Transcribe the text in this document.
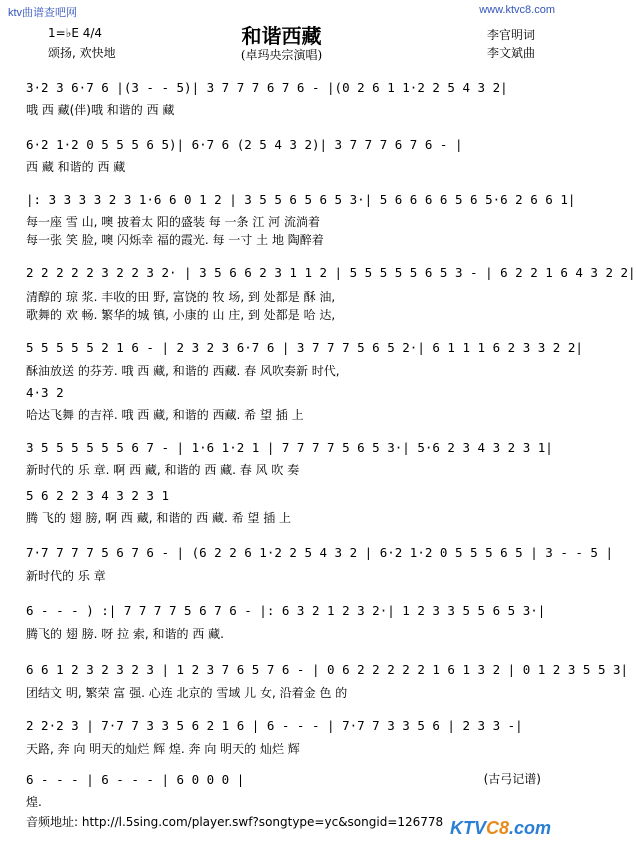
ktv曲谱查吧网	www.ktvc8.com
和谐西藏
(卓玛央宗演唱)
1=♭E 4/4
颂扬, 欢快地
李官明词
李文斌曲
3·2 3 6·7 6 |(3 - - 5)| 3 7 7 7 6 7 6 - |(0 2 6 1 1·2 2 5 4 3 2|
哦 西 藏(伴)哦 和谐的 西 藏
6·2 1·2 0 5 5 5 6 5)| 6·7 6 (2 5 4 3 2)| 3 7 7 7 6 7 6 - |
西 藏 和谐的 西 藏
|: 3 3 3 3 2 3 1·6 6 0 1 2 | 3 5 5 6 5 6 5 3·| 5 6 6 6 6 5 6 5·6 2 6 6 1|
每一座 雪 山, 噢 披着太 阳的盛装 每 一条 江 河 流淌着
每一张 笑 脸, 噢 闪烁幸 福的霞光. 每 一寸 土 地 陶醉着
2 2 2 2 2 3 2 2 3 2· | 3 5 6 6 2 3 1 1 2 | 5 5 5 5 5 6 5 3 - | 6 2 2 1 6 4 3 2 2|
清醇的 琼 浆. 丰收的田 野, 富饶的 牧 场, 到 处都是 酥 油,
歌舞的 欢 畅. 繁华的城 镇, 小康的 山 庄, 到 处都是 哈 达,
5 5 5 5 5 2 1 6 - | 2 3 2 3 6·7 6 | 3 7 7 7 5 6 5 2·| 6 1 1 1 6 2 3 3 2 2|
酥油放送 的芬芳. 哦 西 藏, 和谐的 西藏. 春 风吹奏新 时代,
4·3 2
哈达飞舞 的吉祥. 哦 西 藏, 和谐的 西藏. 希 望 插 上
3 5 5 5 5 5 5 6 7 - | 1·6 1·2 1 | 7 7 7 7 5 6 5 3·| 5·6 2 3 4 3 2 3 1|
新时代的 乐 章. 啊 西 藏, 和谐的 西 藏. 春 风 吹 奏
5 6 2 2 3 4 3 2 3 1
腾 飞的 翅 膀, 啊 西 藏, 和谐的 西 藏. 希 望 插 上
7·7 7 7 7 5 6 7 6 - | (6 2 2 6 1·2 2 5 4 3 2 | 6·2 1·2 0 5 5 5 6 5 | 3 - - 5 |
新时代的 乐 章
6 - - - ) :| 7 7 7 7 5 6 7 6 - |: 6 3 2 1 2 3 2·| 1 2 3 3 5 5 6 5 3·|
腾飞的 翅 膀. 呀 拉 索, 和谐的 西 藏.
6 6 1 2 3 2 3 2 3 | 1 2 3 7 6 5 7 6 - | 0 6 2 2 2 2 2 1 6 1 3 2 | 0 1 2 3 5 5 3|
团结文 明, 繁荣 富 强. 心连 北京的 雪域 儿 女, 沿着金 色 的
2 2·2 3 | 7·7 7 3 3 5 6 2 1 6 | 6 - - - | 7·7 7 3 3 5 6 | 2 3 3 -|
天路, 奔 向 明天的灿烂 辉 煌. 奔 向 明天的 灿烂 辉
6 - - - | 6 - - - | 6 0 0 0 |
煌.
(古弓记谱)
音频地址: http://l.5sing.com/player.swf?songtype=yc&songid=126778 KTVC8.com
